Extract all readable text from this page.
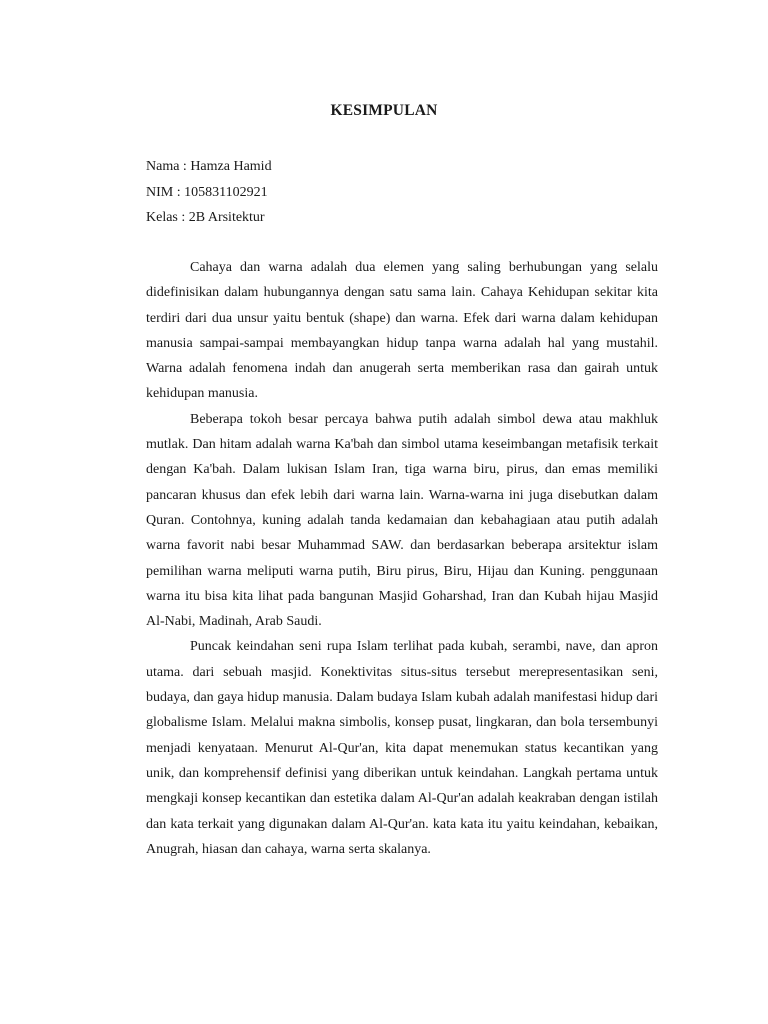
KESIMPULAN
Nama : Hamza Hamid
NIM : 105831102921
Kelas : 2B Arsitektur

Cahaya dan warna adalah dua elemen yang saling berhubungan yang selalu didefinisikan dalam hubungannya dengan satu sama lain. Cahaya Kehidupan sekitar kita terdiri dari dua unsur yaitu bentuk (shape) dan warna. Efek dari warna dalam kehidupan manusia sampai-sampai membayangkan hidup tanpa warna adalah hal yang mustahil. Warna adalah fenomena indah dan anugerah serta memberikan rasa dan gairah untuk kehidupan manusia.

Beberapa tokoh besar percaya bahwa putih adalah simbol dewa atau makhluk mutlak. Dan hitam adalah warna Ka'bah dan simbol utama keseimbangan metafisik terkait dengan Ka'bah. Dalam lukisan Islam Iran, tiga warna biru, pirus, dan emas memiliki pancaran khusus dan efek lebih dari warna lain. Warna-warna ini juga disebutkan dalam Quran. Contohnya, kuning adalah tanda kedamaian dan kebahagiaan atau putih adalah warna favorit nabi besar Muhammad SAW. dan berdasarkan beberapa arsitektur islam pemilihan warna meliputi warna putih, Biru pirus, Biru, Hijau dan Kuning. penggunaan warna itu bisa kita lihat pada bangunan Masjid Goharshad, Iran dan Kubah hijau Masjid Al-Nabi, Madinah, Arab Saudi.

Puncak keindahan seni rupa Islam terlihat pada kubah, serambi, nave, dan apron utama. dari sebuah masjid. Konektivitas situs-situs tersebut merepresentasikan seni, budaya, dan gaya hidup manusia. Dalam budaya Islam kubah adalah manifestasi hidup dari globalisme Islam. Melalui makna simbolis, konsep pusat, lingkaran, dan bola tersembunyi menjadi kenyataan. Menurut Al-Qur'an, kita dapat menemukan status kecantikan yang unik, dan komprehensif definisi yang diberikan untuk keindahan. Langkah pertama untuk mengkaji konsep kecantikan dan estetika dalam Al-Qur'an adalah keakraban dengan istilah dan kata terkait yang digunakan dalam Al-Qur'an. kata kata itu yaitu keindahan, kebaikan, Anugrah, hiasan dan cahaya, warna serta skalanya.
